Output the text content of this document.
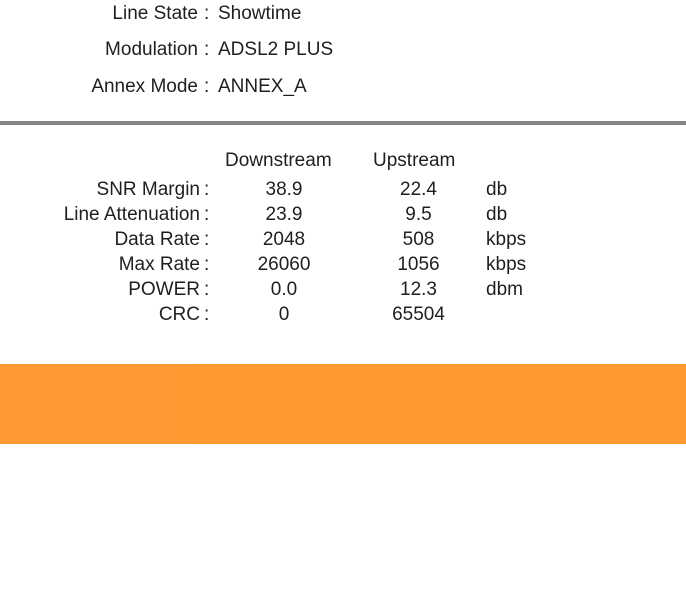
Line State : Showtime
Modulation : ADSL2 PLUS
Annex Mode : ANNEX_A
Downstream Upstream
SNR Margin :	38.9	22.4	db
Line Attenuation :	23.9	9.5	db
Data Rate :	2048	508	kbps
Max Rate :	26060	1056	kbps
POWER :	0.0	12.3	dbm
CRC :	0	65504
